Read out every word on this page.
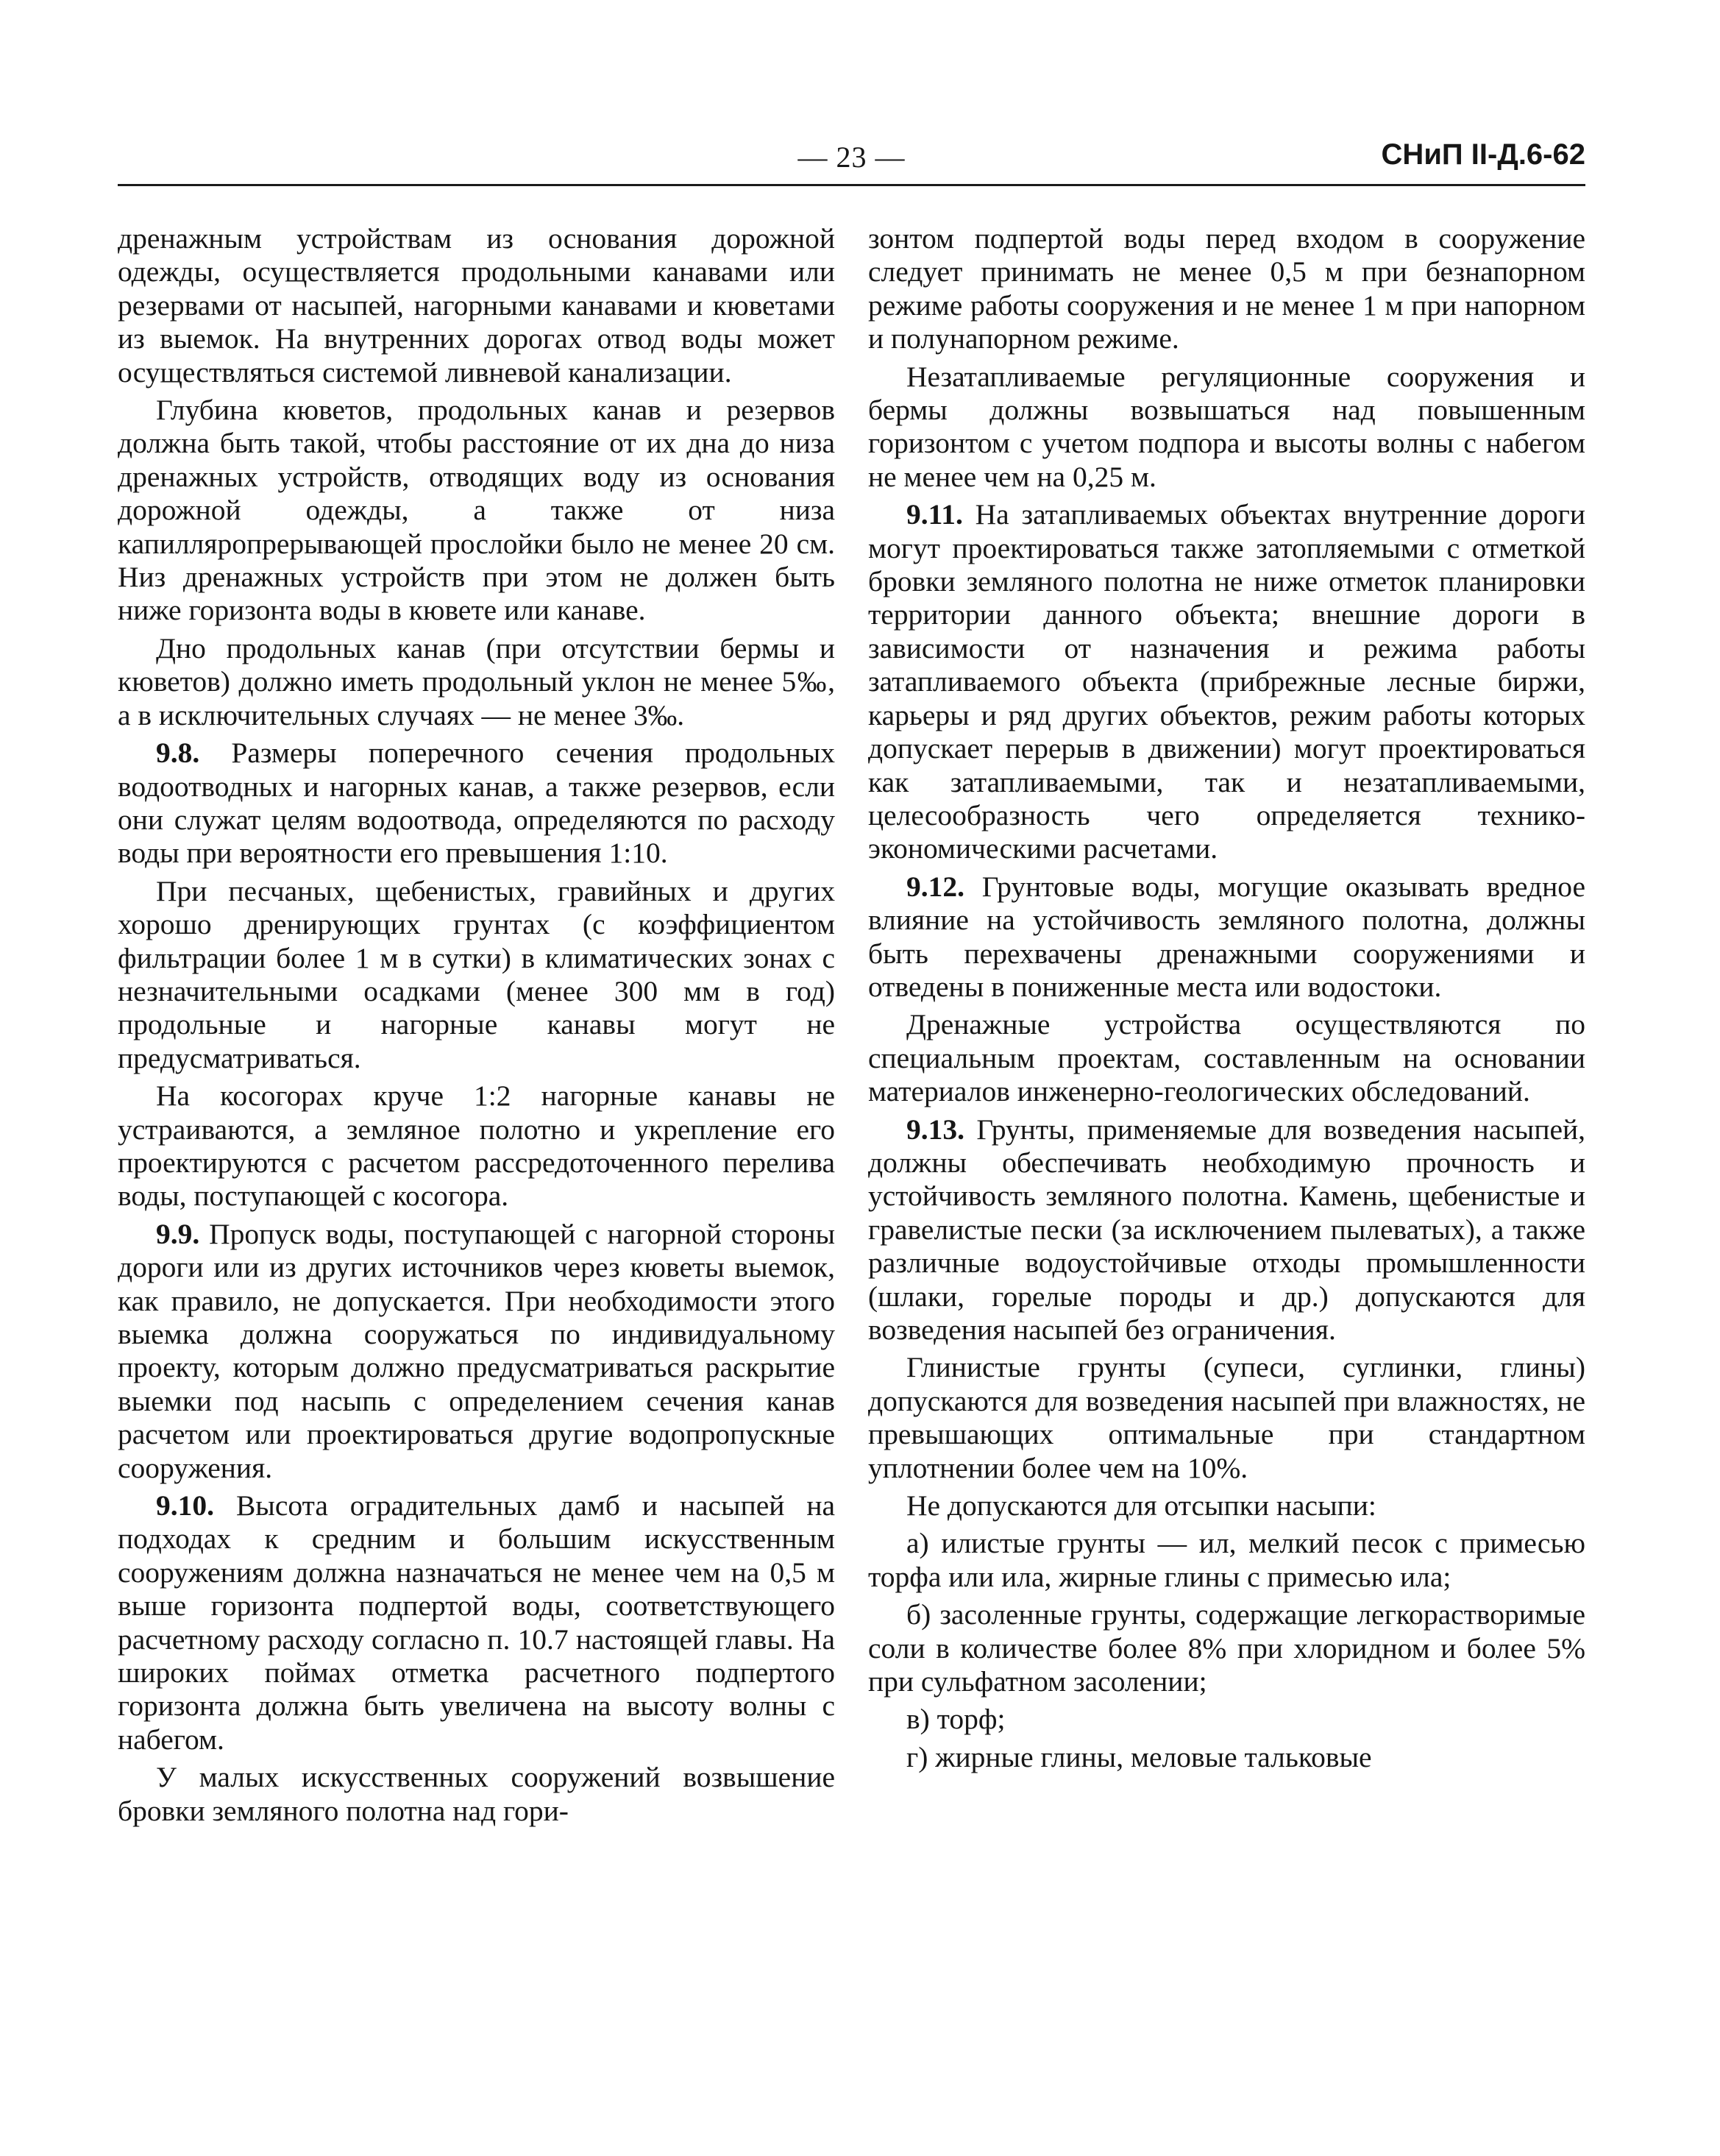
— 23 —	СНиП II-Д.6-62

дренажным устройствам из основания дорожной одежды, осуществляется продольными канавами или резервами от насыпей, нагорными канавами и кюветами из выемок. На внутренних дорогах отвод воды может осуществляться системой ливневой канализации.

Глубина кюветов, продольных канав и резервов должна быть такой, чтобы расстояние от их дна до низа дренажных устройств, отводящих воду из основания дорожной одежды, а также от низа капилляропрерывающей прослойки было не менее 20 см. Низ дренажных устройств при этом не должен быть ниже горизонта воды в кювете или канаве.

Дно продольных канав (при отсутствии бермы и кюветов) должно иметь продольный уклон не менее 5‰, а в исключительных случаях — не менее 3‰.

9.8. Размеры поперечного сечения продольных водоотводных и нагорных канав, а также резервов, если они служат целям водоотвода, определяются по расходу воды при вероятности его превышения 1:10.

При песчаных, щебенистых, гравийных и других хорошо дренирующих грунтах (с коэффициентом фильтрации более 1 м в сутки) в климатических зонах с незначительными осадками (менее 300 мм в год) продольные и нагорные канавы могут не предусматриваться.

На косогорах круче 1:2 нагорные канавы не устраиваются, а земляное полотно и укрепление его проектируются с расчетом рассредоточенного перелива воды, поступающей с косогора.

9.9. Пропуск воды, поступающей с нагорной стороны дороги или из других источников через кюветы выемок, как правило, не допускается. При необходимости этого выемка должна сооружаться по индивидуальному проекту, которым должно предусматриваться раскрытие выемки под насыпь с определением сечения канав расчетом или проектироваться другие водопропускные сооружения.

9.10. Высота оградительных дамб и насыпей на подходах к средним и большим искусственным сооружениям должна назначаться не менее чем на 0,5 м выше горизонта подпертой воды, соответствующего расчетному расходу согласно п. 10.7 настоящей главы. На широких поймах отметка расчетного подпертого горизонта должна быть увеличена на высоту волны с набегом.

У малых искусственных сооружений возвышение бровки земляного полотна над гори-

зонтом подпертой воды перед входом в сооружение следует принимать не менее 0,5 м при безнапорном режиме работы сооружения и не менее 1 м при напорном и полунапорном режиме.

Незатапливаемые регуляционные сооружения и бермы должны возвышаться над повышенным горизонтом с учетом подпора и высоты волны с набегом не менее чем на 0,25 м.

9.11. На затапливаемых объектах внутренние дороги могут проектироваться также затопляемыми с отметкой бровки земляного полотна не ниже отметок планировки территории данного объекта; внешние дороги в зависимости от назначения и режима работы затапливаемого объекта (прибрежные лесные биржи, карьеры и ряд других объектов, режим работы которых допускает перерыв в движении) могут проектироваться как затапливаемыми, так и незатапливаемыми, целесообразность чего определяется технико-экономическими расчетами.

9.12. Грунтовые воды, могущие оказывать вредное влияние на устойчивость земляного полотна, должны быть перехвачены дренажными сооружениями и отведены в пониженные места или водостоки.

Дренажные устройства осуществляются по специальным проектам, составленным на основании материалов инженерно-геологических обследований.

9.13. Грунты, применяемые для возведения насыпей, должны обеспечивать необходимую прочность и устойчивость земляного полотна. Камень, щебенистые и гравелистые пески (за исключением пылеватых), а также различные водоустойчивые отходы промышленности (шлаки, горелые породы и др.) допускаются для возведения насыпей без ограничения.

Глинистые грунты (супеси, суглинки, глины) допускаются для возведения насыпей при влажностях, не превышающих оптимальные при стандартном уплотнении более чем на 10%.

Не допускаются для отсыпки насыпи:

а) илистые грунты — ил, мелкий песок с примесью торфа или ила, жирные глины с примесью ила;

б) засоленные грунты, содержащие легкорастворимые соли в количестве более 8% при хлоридном и более 5% при сульфатном засолении;

в) торф;

г) жирные глины, меловые тальковые
